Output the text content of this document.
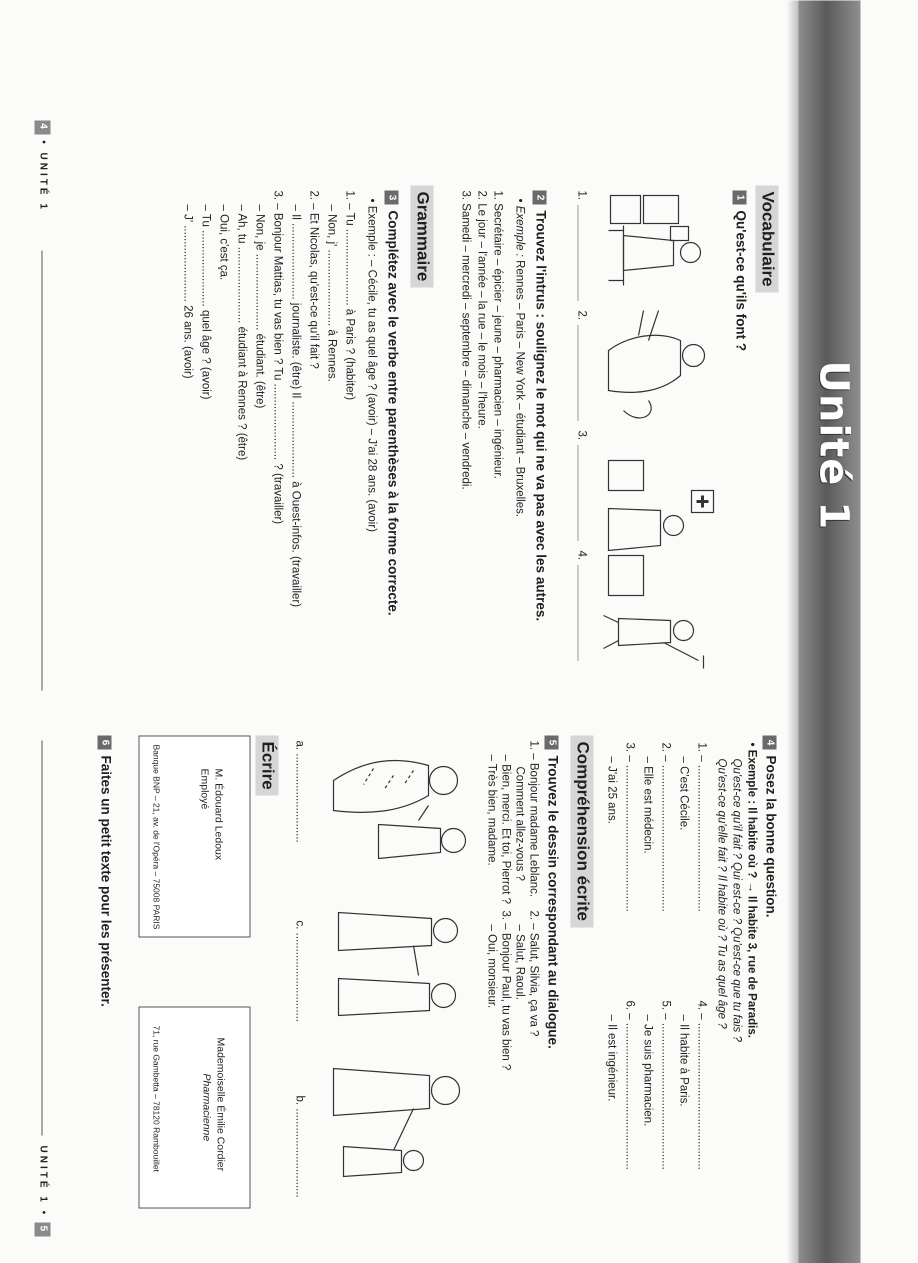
Unité 1
Vocabulaire
1Qu'est-ce qu'ils font ?
1.
2.
3.
4.
2Trouvez l'intrus : soulignez le mot qui ne va pas avec les autres.
• Exemple : Rennes – Paris – New York – étudiant – Bruxelles.
1. Secrétaire – épicier – jeune – pharmacien – ingénieur.
2. Le jour – l'année – la rue – le mois – l'heure.
3. Samedi – mercredi – septembre – dimanche – vendredi.
Grammaire
3Complétez avec le verbe entre parenthèses à la forme correcte.
• Exemple : – Cécile, tu as quel âge ? (avoir) – J'ai 28 ans. (avoir)
1. – Tu ........................ à Paris ? (habiter)
– Non, j' ........................ à Rennes.
2. – Et Nicolas, qu'est-ce qu'il fait ?
– Il ........................ journaliste. (être) Il ........................ à Ouest-infos. (travailler)
3. – Bonjour Mattias, tu vas bien ? Tu ........................ ? (travailler)
– Non, je ........................ étudiant. (être)
– Ah, tu ........................ étudiant à Rennes ? (être)
– Oui, c'est ça.
– Tu ........................ quel âge ? (avoir)
– J' ........................ 26 ans. (avoir)
4 • UNITÉ 1
4Posez la bonne question.
• Exemple : Il habite où ? → Il habite 3, rue de Paradis.
Qu'est-ce qu'il fait ? Qui est-ce ? Qu'est-ce que tu fais ?
Qu'est-ce qu'elle fait ? Il habite où ? Tu as quel âge ?
1. – ..............................................
– C'est Cécile.
2. – ..............................................
– Elle est médecin.
3. – ..............................................
– J'ai 25 ans.
4. – ..............................................
– Il habite à Paris.
5. – ..............................................
– Je suis pharmacien.
6. – ..............................................
– Il est ingénieur.
Compréhension écrite
5Trouvez le dessin correspondant au dialogue.
1. – Bonjour madame Leblanc.
Comment allez-vous ?
– Bien, merci. Et toi, Pierrot ?
– Très bien, madame.
2. – Salut, Silvia, ça va ?
– Salut, Raoul.
3. – Bonjour Paul, tu vas bien ?
– Oui, monsieur.
a. ............................
c. ............................
b. ............................
Écrire
M. Édouard Ledoux
Employé
Banque BNP – 21, av. de l'Opéra – 75008 PARIS
Mademoiselle Émilie Cordier
Pharmacienne
71, rue Gambetta – 78120 Rambouillet
6Faites un petit texte pour les présenter.
UNITÉ 1 • 5
